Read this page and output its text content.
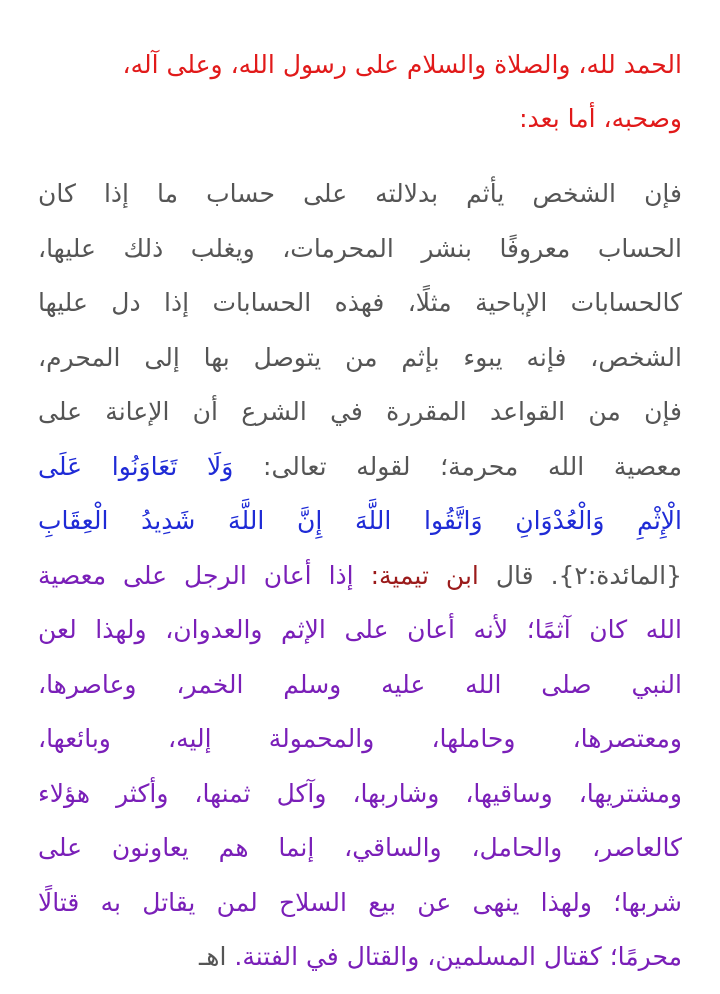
الحمد لله، والصلاة والسلام على رسول الله، وعلى آله،
وصحبه، أما بعد:

فإن الشخص يأثم بدلالته على حساب ما إذا كان
الحساب معروفًا بنشر المحرمات، ويغلب ذلك عليها،
كالحسابات الإباحية مثلًا، فهذه الحسابات إذا دل عليها
الشخص، فإنه يبوء بإثم من يتوصل بها إلى المحرم،
فإن من القواعد المقررة في الشرع أن الإعانة على
معصية الله محرمة؛ لقوله تعالى: وَلَا تَعَاوَنُوا عَلَى
الْإِثْمِ وَالْعُدْوَانِ وَاتَّقُوا اللَّهَ إِنَّ اللَّهَ شَدِيدُ الْعِقَابِ
{المائدة:٢}. قال ابن تيمية: إذا أعان الرجل على معصية
الله كان آثمًا؛ لأنه أعان على الإثم والعدوان، ولهذا لعن
النبي صلى الله عليه وسلم الخمر، وعاصرها،
ومعتصرها، وحاملها، والمحمولة إليه، وبائعها،
ومشتريها، وساقيها، وشاربها، وآكل ثمنها، وأكثر هؤلاء
كالعاصر، والحامل، والساقي، إنما هم يعاونون على
شربها؛ ولهذا ينهى عن بيع السلاح لمن يقاتل به قتالًا
محرمًا؛ كقتال المسلمين، والقتال في الفتنة. اهـ
